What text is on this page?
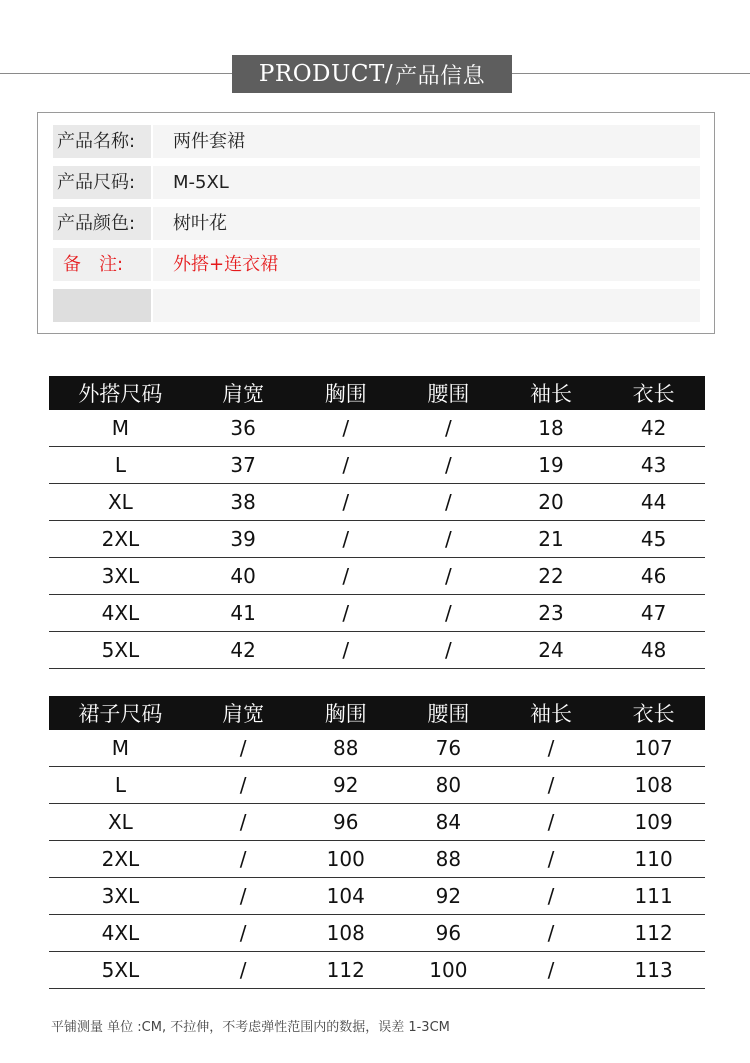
PRODUCT/ 产品信息
产品名称:	两件套裙
产品尺码:	M-5XL
产品颜色:	树叶花
备　注:	外搭+连衣裙
外搭尺码	肩宽	胸围	腰围	袖长	衣长
M	36	/	/	18	42
L	37	/	/	19	43
XL	38	/	/	20	44
2XL	39	/	/	21	45
3XL	40	/	/	22	46
4XL	41	/	/	23	47
5XL	42	/	/	24	48
裙子尺码	肩宽	胸围	腰围	袖长	衣长
M	/	88	76	/	107
L	/	92	80	/	108
XL	/	96	84	/	109
2XL	/	100	88	/	110
3XL	/	104	92	/	111
4XL	/	108	96	/	112
5XL	/	112	100	/	113
平铺测量 单位 :CM, 不拉伸，不考虑弹性范围内的数据，误差 1-3CM
